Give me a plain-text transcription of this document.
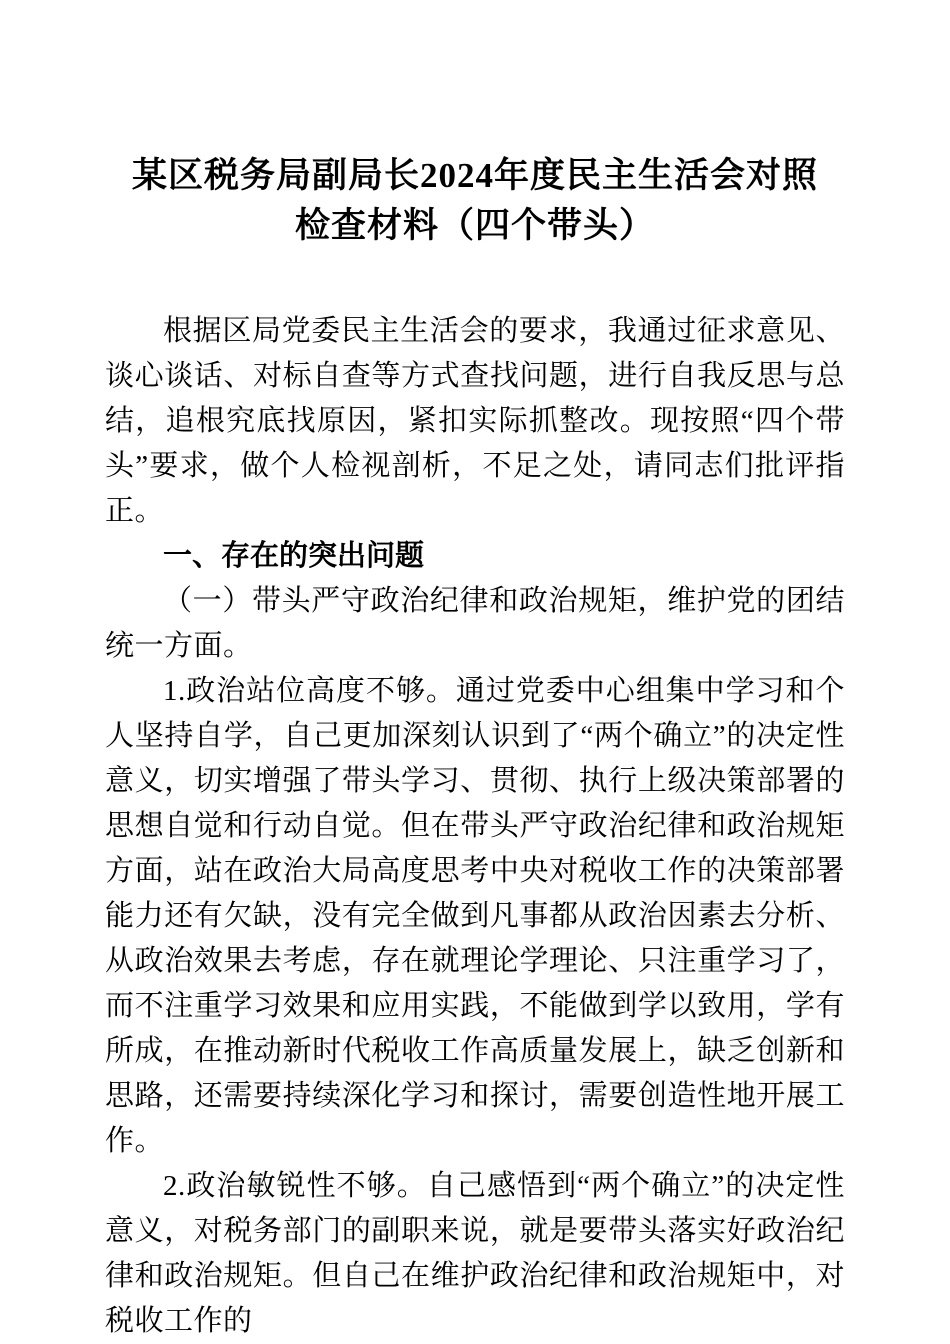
某区税务局副局长2024年度民主生活会对照
检查材料（四个带头）

根据区局党委民主生活会的要求，我通过征求意见、谈心谈话、对标自查等方式查找问题，进行自我反思与总结，追根究底找原因，紧扣实际抓整改。现按照“四个带头”要求，做个人检视剖析，不足之处，请同志们批评指正。

一、存在的突出问题

（一）带头严守政治纪律和政治规矩，维护党的团结统一方面。

1.政治站位高度不够。通过党委中心组集中学习和个人坚持自学，自己更加深刻认识到了“两个确立”的决定性意义，切实增强了带头学习、贯彻、执行上级决策部署的思想自觉和行动自觉。但在带头严守政治纪律和政治规矩方面，站在政治大局高度思考中央对税收工作的决策部署能力还有欠缺，没有完全做到凡事都从政治因素去分析、从政治效果去考虑，存在就理论学理论、只注重学习了，而不注重学习效果和应用实践，不能做到学以致用，学有所成，在推动新时代税收工作高质量发展上，缺乏创新和思路，还需要持续深化学习和探讨，需要创造性地开展工作。

2.政治敏锐性不够。自己感悟到“两个确立”的决定性意义，对税务部门的副职来说，就是要带头落实好政治纪律和政治规矩。但自己在维护政治纪律和政治规矩中，对税收工作的
